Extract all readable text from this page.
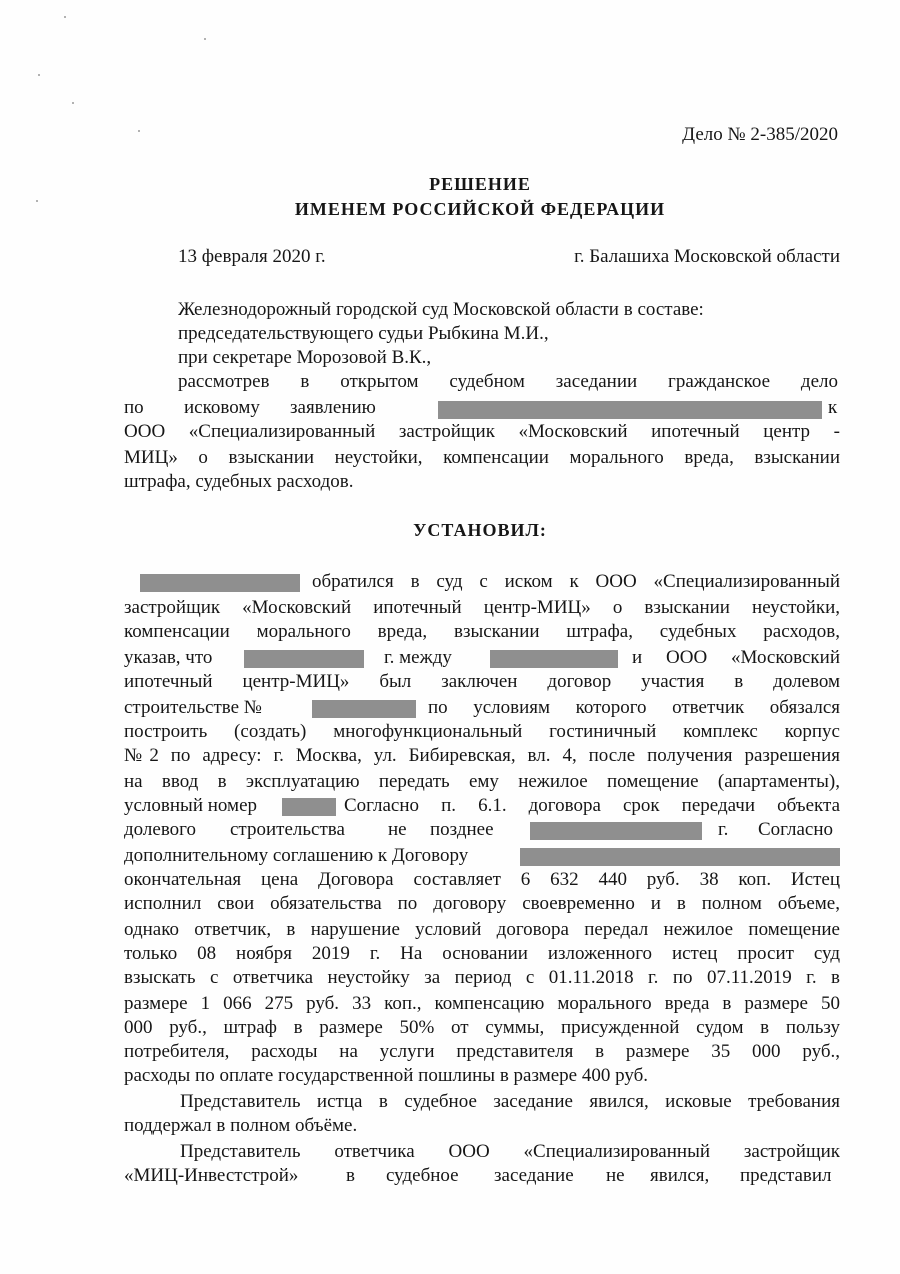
Дело № 2-385/2020
РЕШЕНИЕ
ИМЕНЕМ РОССИЙСКОЙ ФЕДЕРАЦИИ
13 февраля 2020 г.	г. Балашиха Московской области
Железнодорожный городской суд Московской области в составе:
председательствующего судьи Рыбкина М.И.,
при секретаре Морозовой В.К.,
рассмотрев в открытом судебном заседании гражданское дело
по исковому заявлению	к
ООО «Специализированный застройщик «Московский ипотечный центр -
МИЦ» о взыскании неустойки, компенсации морального вреда, взыскании
штрафа, судебных расходов.
УСТАНОВИЛ:
обратился в суд с иском к ООО «Специализированный
застройщик «Московский ипотечный центр-МИЦ» о взыскании неустойки,
компенсации морального вреда, взыскании штрафа, судебных расходов,
указав, что	г. между	и ООО «Московский
ипотечный центр-МИЦ» был заключен договор участия в долевом
строительстве №	по условиям которого ответчик обязался
построить (создать) многофункциональный гостиничный комплекс корпус
№2 по адресу: г. Москва, ул. Бибиревская, вл. 4, после получения разрешения
на ввод в эксплуатацию передать ему нежилое помещение (апартаменты),
условный номер	Согласно п. 6.1. договора срок передачи объекта
долевого строительства не позднее	г. Согласно
дополнительному соглашению к Договору
окончательная цена Договора составляет 6 632 440 руб. 38 коп. Истец
исполнил свои обязательства по договору своевременно и в полном объеме,
однако ответчик, в нарушение условий договора передал нежилое помещение
только 08 ноября 2019 г. На основании изложенного истец просит суд
взыскать с ответчика неустойку за период с 01.11.2018 г. по 07.11.2019 г. в
размере 1 066 275 руб. 33 коп., компенсацию морального вреда в размере 50
000 руб., штраф в размере 50% от суммы, присужденной судом в пользу
потребителя, расходы на услуги представителя в размере 35 000 руб.,
расходы по оплате государственной пошлины в размере 400 руб.
Представитель истца в судебное заседание явился, исковые требования
поддержал в полном объёме.
Представитель ответчика ООО «Специализированный застройщик
«МИЦ-Инвестстрой»	в судебное заседание не явился, представил
